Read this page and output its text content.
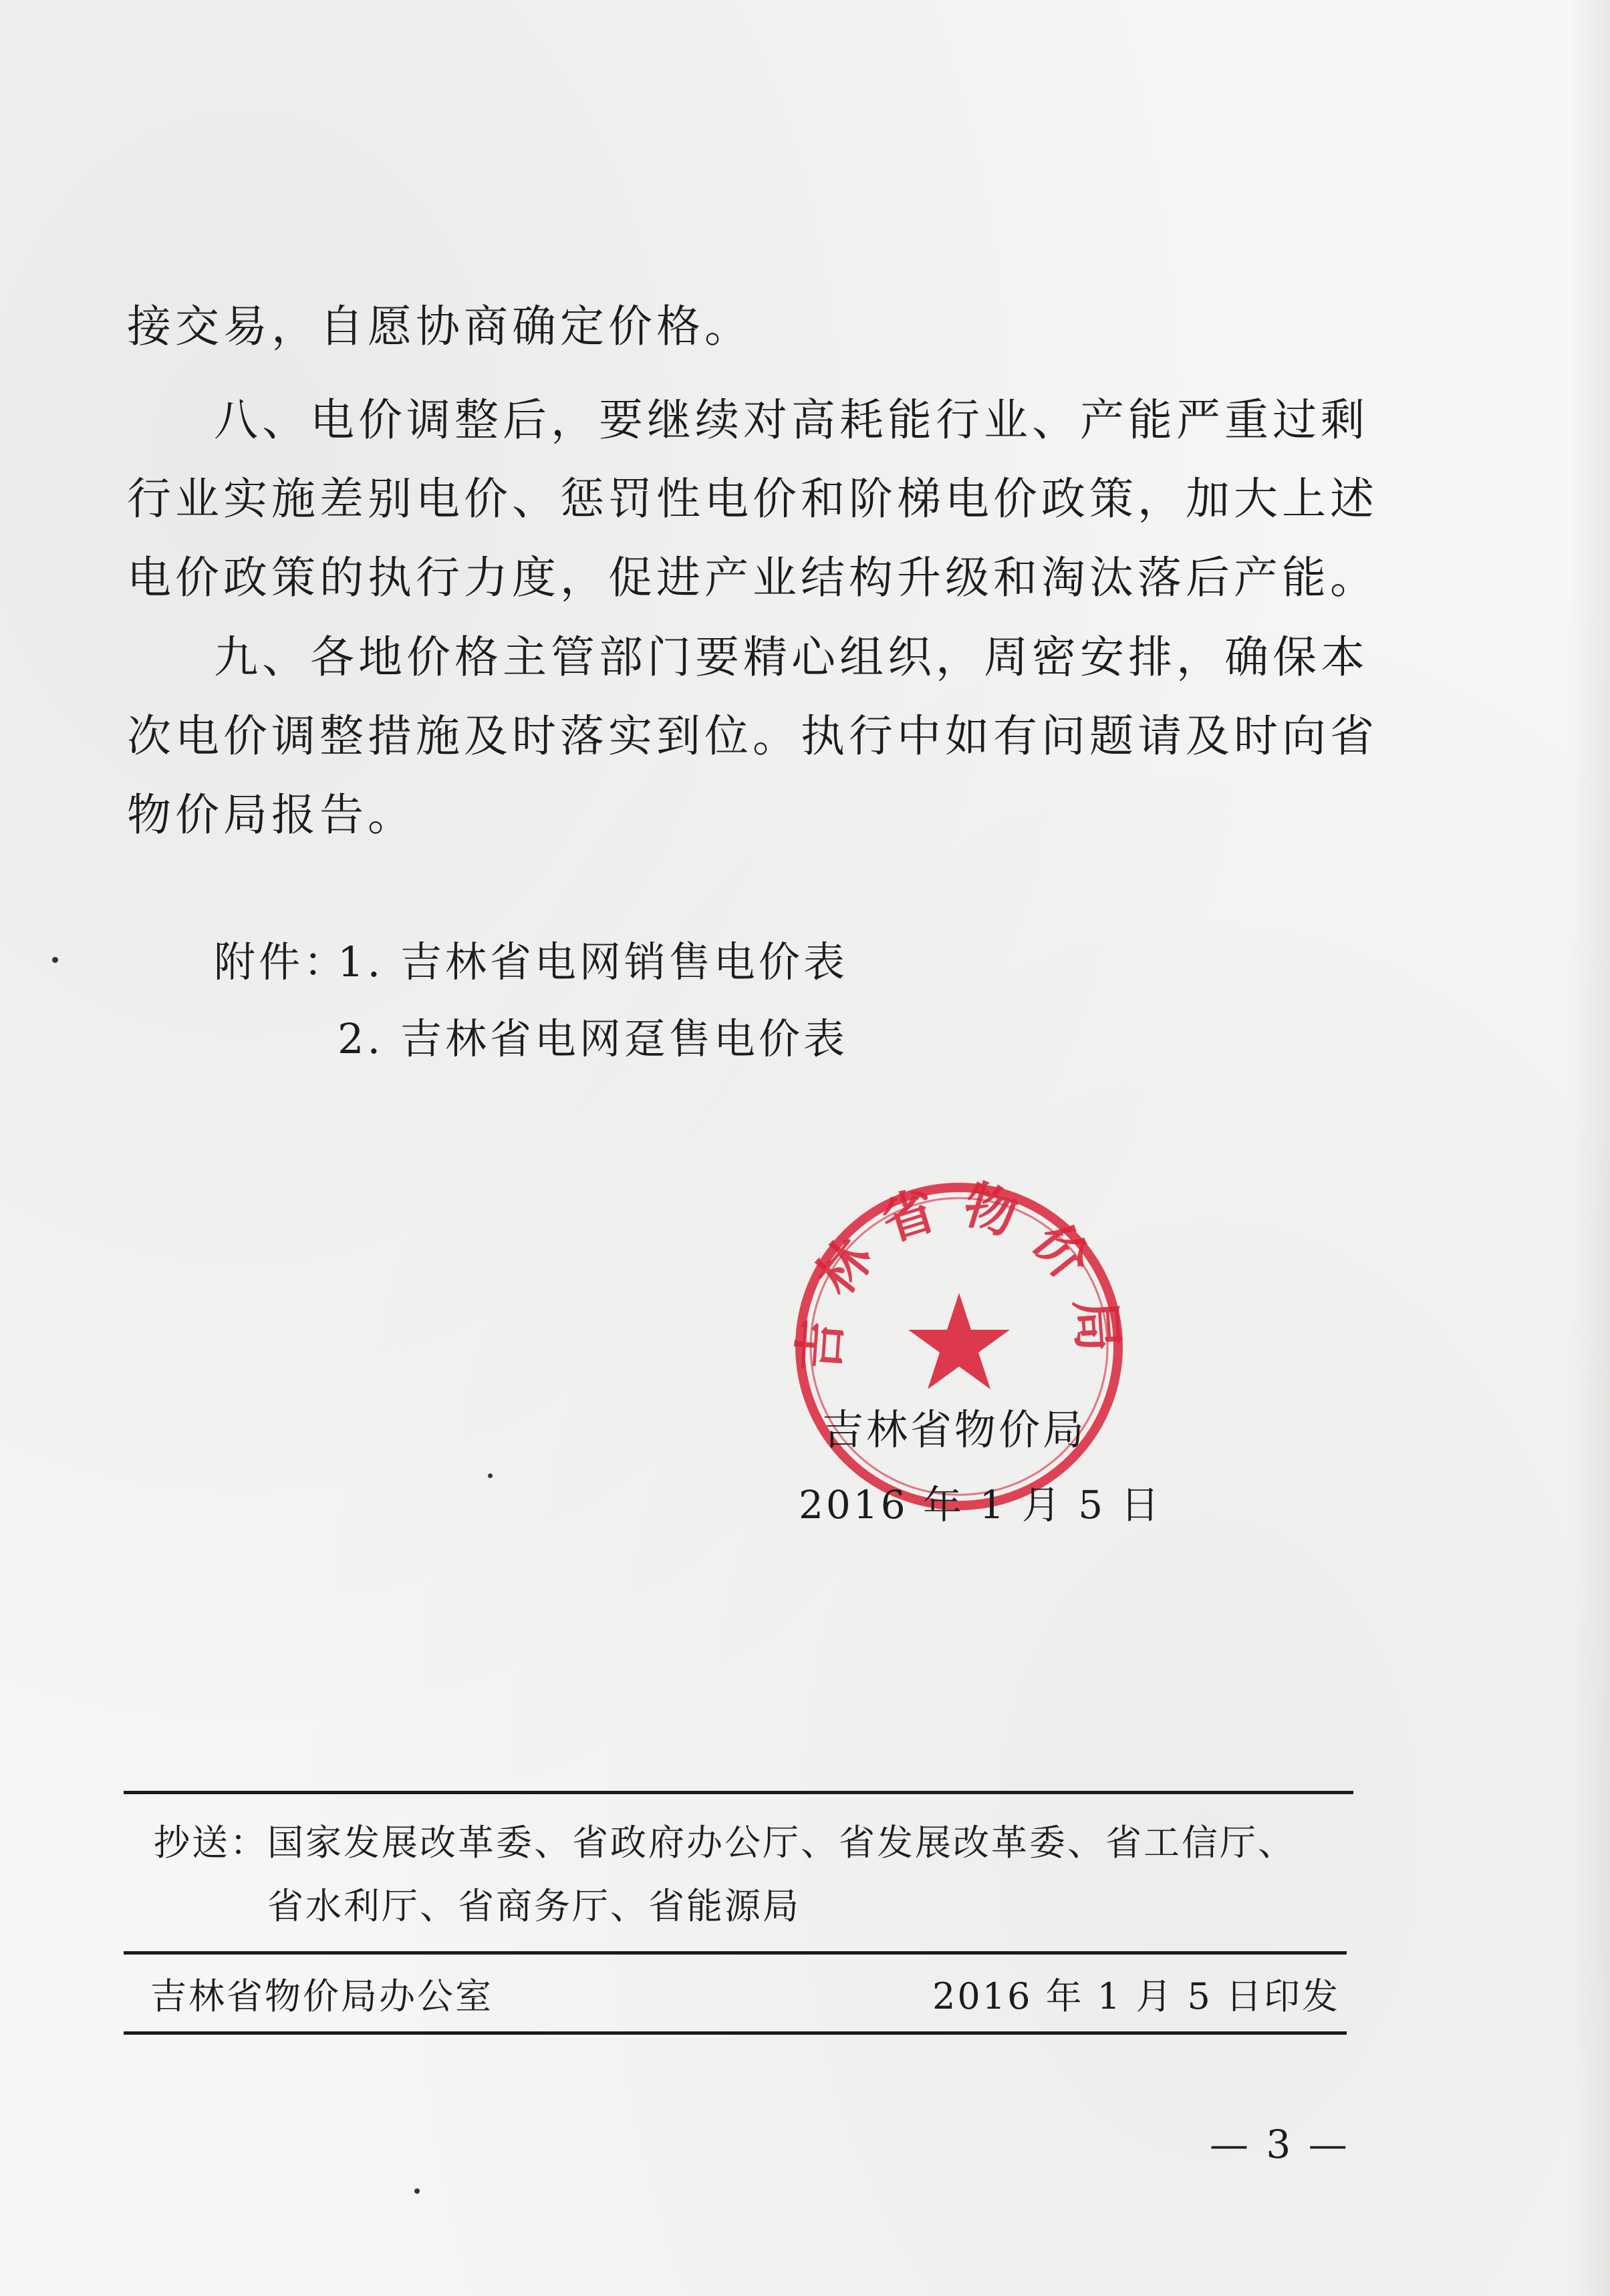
接交易，自愿协商确定价格。

八、电价调整后，要继续对高耗能行业、产能严重过剩行业实施差别电价、惩罚性电价和阶梯电价政策，加大上述电价政策的执行力度，促进产业结构升级和淘汰落后产能。

九、各地价格主管部门要精心组织，周密安排，确保本次电价调整措施及时落实到位。执行中如有问题请及时向省物价局报告。

附件：
1. 吉林省电网销售电价表
2. 吉林省电网趸售电价表
吉林省物价局
吉林省物价局
2016 年 1 月 5 日
抄送： 国家发展改革委、省政府办公厅、省发展改革委、省工信厅、
省水利厅、省商务厅、省能源局
吉林省物价局办公室	2016 年 1 月 5 日印发
— 3 —
